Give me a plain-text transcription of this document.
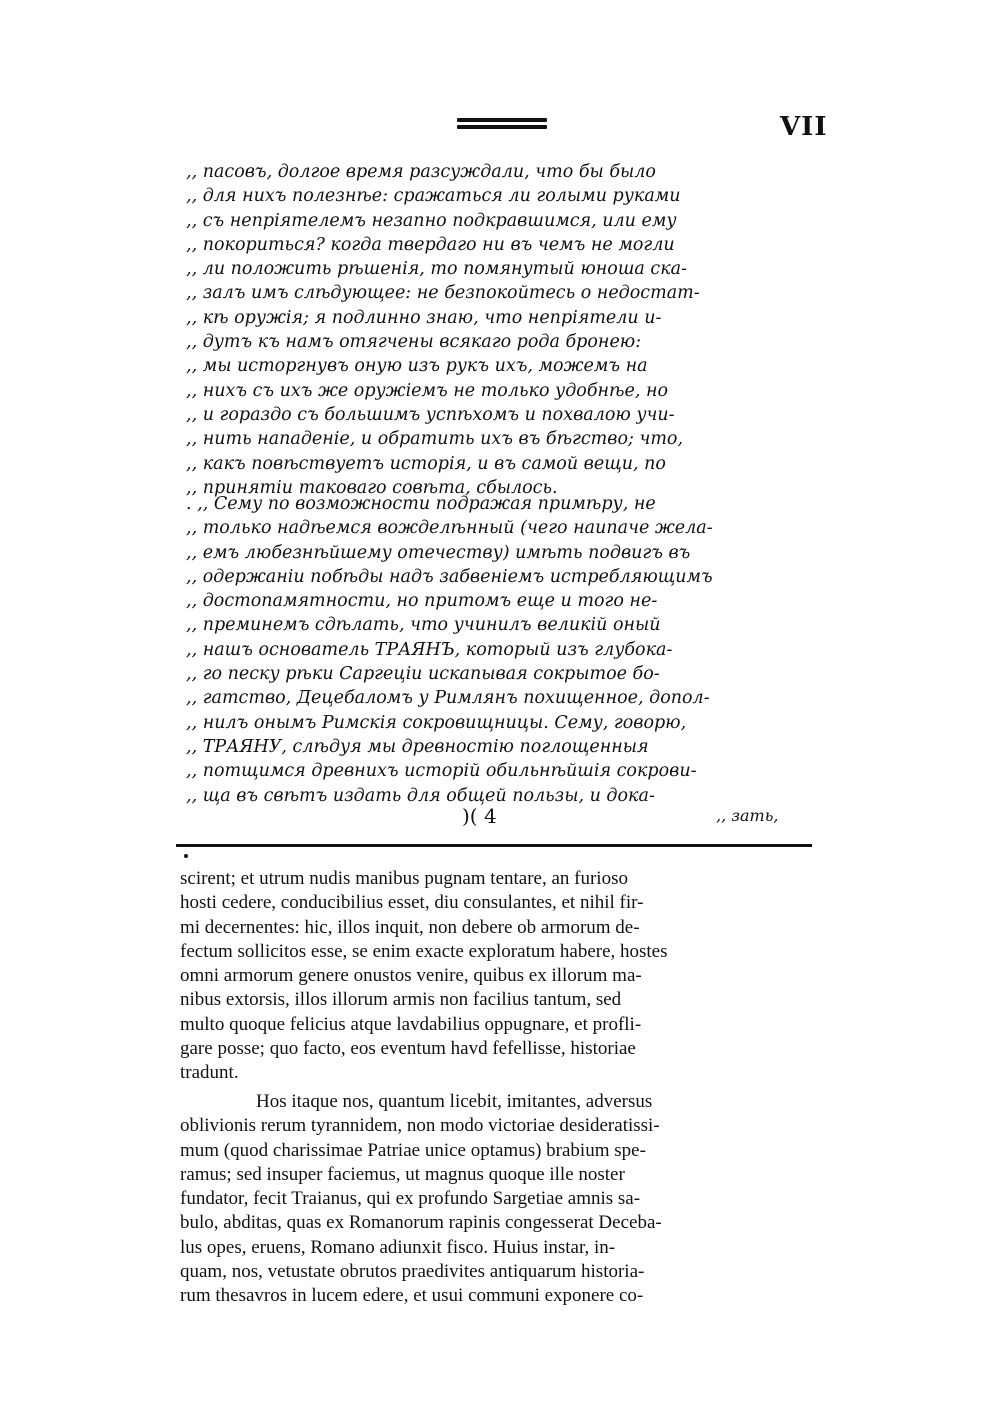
VII
,, пасовъ, долгое время разсуждали, что бы было
,, для нихъ полезнѣе: сражаться ли голыми руками
,, съ непріятелемъ незапно подкравшимся, или ему
,, покориться? когда твердаго ни въ чемъ не могли
,, ли положить рѣшенія, то помянутый юноша ска-
,, залъ имъ слѣдующее: не безпокойтесь о недостат-
,, кѣ оружія; я подлинно знаю, что непріятели и-
,, дутъ къ намъ отягчены всякаго рода бронею:
,, мы исторгнувъ оную изъ рукъ ихъ, можемъ на
,, нихъ съ ихъ же оружіемъ не только удобнѣе, но
,, и гораздо съ большимъ успѣхомъ и похвалою учи-
,, нить нападеніе, и обратить ихъ въ бѣгство; что,
,, какъ повѣствуетъ исторія, и въ самой вещи, по
,, принятіи таковаго совѣта, сбылось.
. ,, Сему по возможности подражая примѣру, не
,, только надѣемся вожделѣнный (чего наипаче жела-
,, емъ любезнѣйшему отечеству) имѣть подвигъ въ
,, одержаніи побѣды надъ забвеніемъ истребляющимъ
,, достопамятности, но притомъ еще и того не-
,, преминемъ сдѣлать, что учинилъ великій оный
,, нашъ основатель ТРАЯНЪ, который изъ глубока-
,, го песку рѣки Саргеціи искапывая сокрытое бо-
,, гатство, Децебаломъ у Римлянъ похищенное, допол-
,, нилъ онымъ Римскія сокровищницы. Сему, говорю,
,, ТРАЯНУ, слѣдуя мы древностію поглощенныя
,, потщимся древнихъ исторій обильнѣйшія сокрови-
,, ща въ свѣтъ издать для общей пользы, и дока-
)( 4	,, зать,
scirent; et utrum nudis manibus pugnam tentare, an furioso
hosti cedere, conducibilius esset, diu consulantes, et nihil fir-
mi decernentes: hic, illos inquit, non debere ob armorum de-
fectum sollicitos esse, se enim exacte exploratum habere, hostes
omni armorum genere onustos venire, quibus ex illorum ma-
nibus extorsis, illos illorum armis non facilius tantum, sed
multo quoque felicius atque lavdabilius oppugnare, et profli-
gare posse; quo facto, eos eventum havd fefellisse, historiae
tradunt.
Hos itaque nos, quantum licebit, imitantes, adversus
oblivionis rerum tyrannidem, non modo victoriae desideratissi-
mum (quod charissimae Patriae unice optamus) brabium spe-
ramus; sed insuper faciemus, ut magnus quoque ille noster
fundator, fecit Traianus, qui ex profundo Sargetiae amnis sa-
bulo, abditas, quas ex Romanorum rapinis congesserat Deceba-
lus opes, eruens, Romano adiunxit fisco. Huius instar, in-
quam, nos, vetustate obrutos praedivites antiquarum historia-
rum thesavros in lucem edere, et usui communi exponere co-
